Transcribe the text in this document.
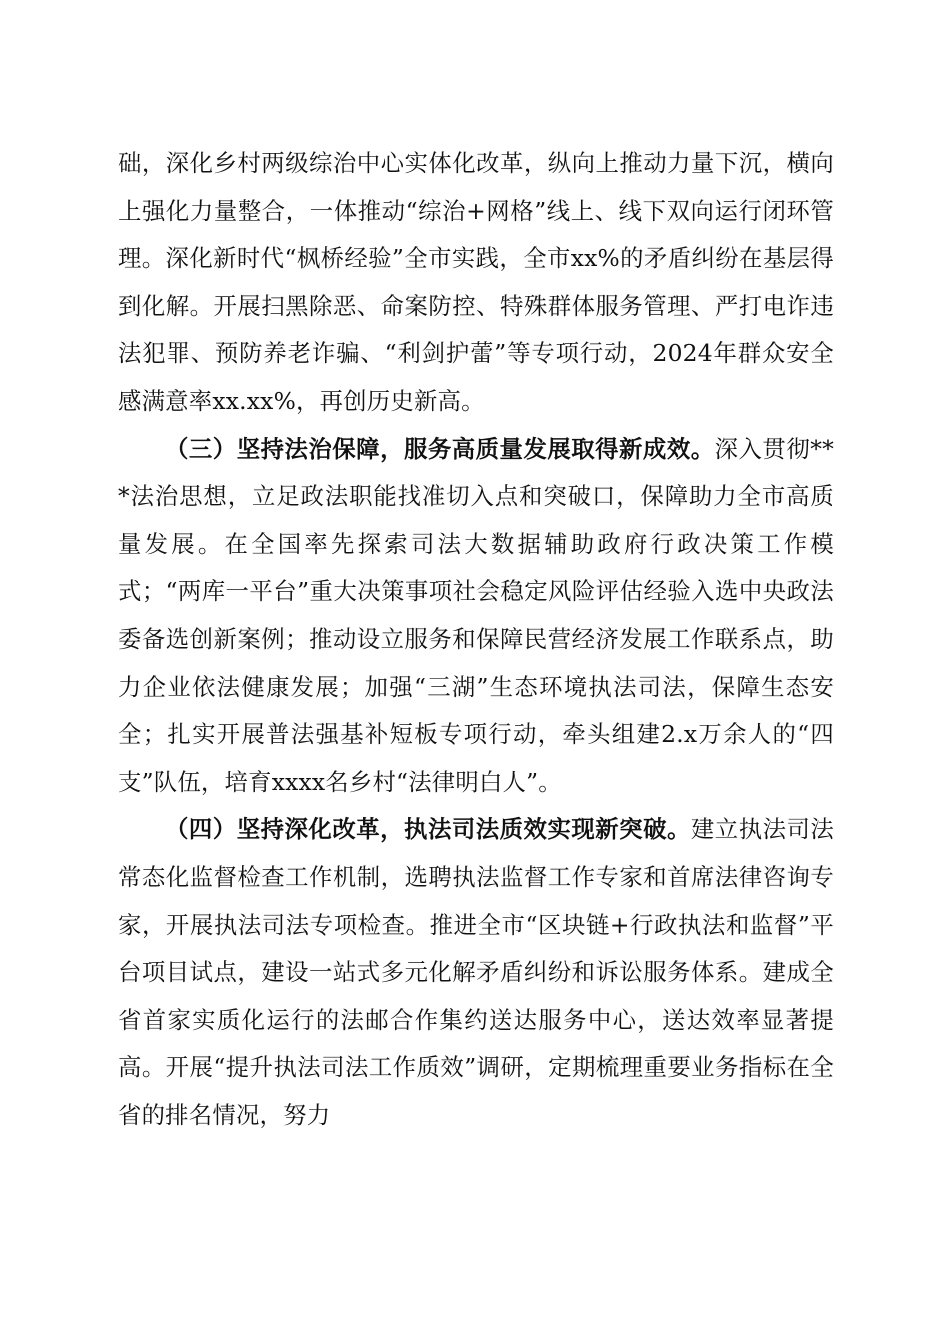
础，深化乡村两级综治中心实体化改革，纵向上推动力量下沉，横向上强化力量整合，一体推动“综治+网格”线上、线下双向运行闭环管理。深化新时代“枫桥经验”全市实践，全市xx%的矛盾纠纷在基层得到化解。开展扫黑除恶、命案防控、特殊群体服务管理、严打电诈违法犯罪、预防养老诈骗、“利剑护蕾”等专项行动，2024年群众安全感满意率xx.xx%，再创历史新高。

（三）坚持法治保障，服务高质量发展取得新成效。深入贯彻***法治思想，立足政法职能找准切入点和突破口，保障助力全市高质量发展。在全国率先探索司法大数据辅助政府行政决策工作模式；“两库一平台”重大决策事项社会稳定风险评估经验入选中央政法委备选创新案例；推动设立服务和保障民营经济发展工作联系点，助力企业依法健康发展；加强“三湖”生态环境执法司法，保障生态安全；扎实开展普法强基补短板专项行动，牵头组建2.x万余人的“四支”队伍，培育xxxx名乡村“法律明白人”。

（四）坚持深化改革，执法司法质效实现新突破。建立执法司法常态化监督检查工作机制，选聘执法监督工作专家和首席法律咨询专家，开展执法司法专项检查。推进全市“区块链+行政执法和监督”平台项目试点，建设一站式多元化解矛盾纠纷和诉讼服务体系。建成全省首家实质化运行的法邮合作集约送达服务中心，送达效率显著提高。开展“提升执法司法工作质效”调研，定期梳理重要业务指标在全省的排名情况，努力
